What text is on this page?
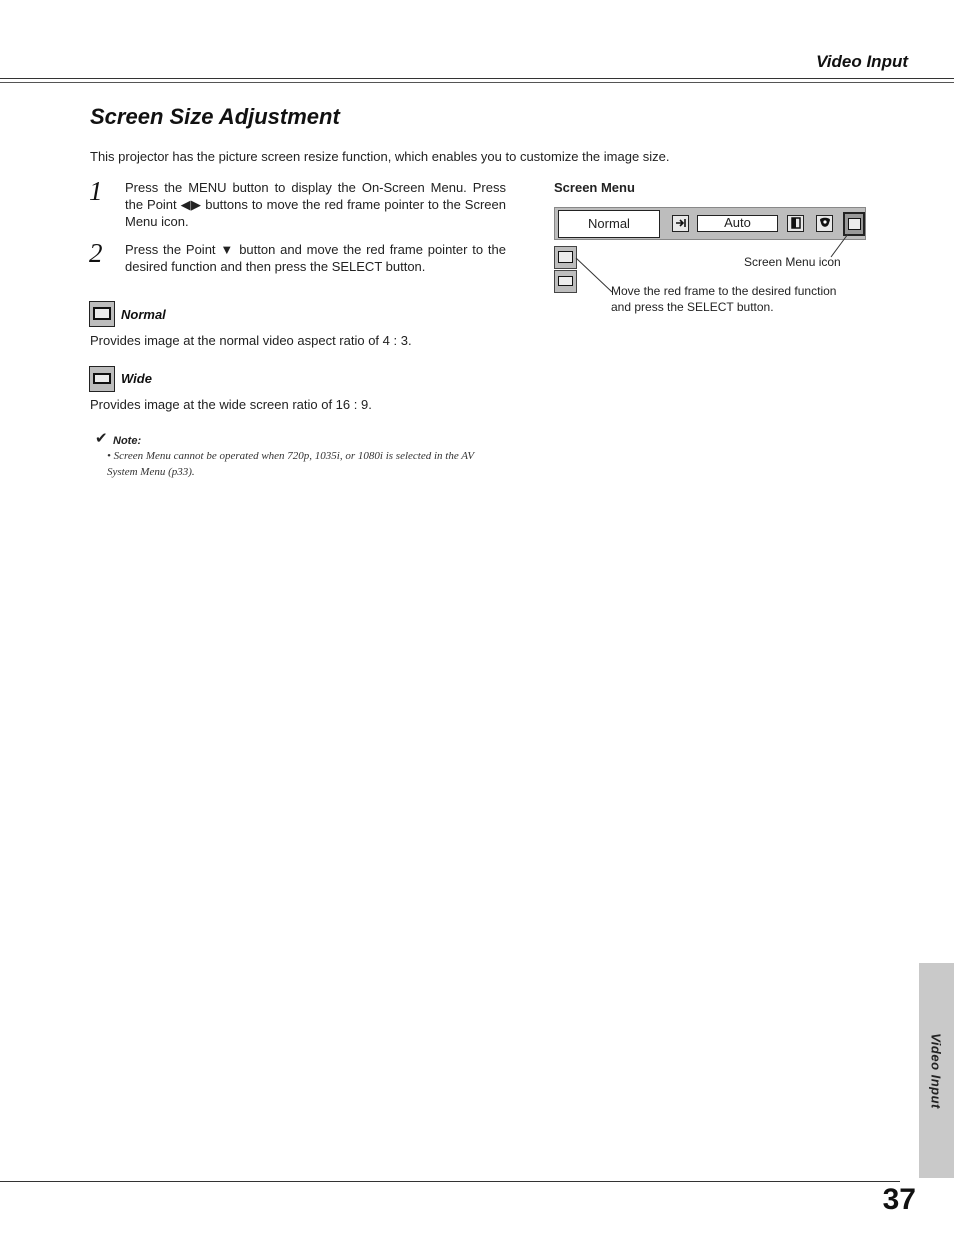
Video Input
Screen Size Adjustment
This projector has the picture screen resize function, which enables you to customize the image size.
1 Press the MENU button to display the On-Screen Menu. Press the Point ◀▶ buttons to move the red frame pointer to the Screen Menu icon.
2 Press the Point ▼ button and move the red frame pointer to the desired function and then press the SELECT button.
Normal
Provides image at the normal video aspect ratio of 4 : 3.
Wide
Provides image at the wide screen ratio of 16 : 9.
✔ Note:
• Screen Menu cannot be operated when 720p, 1035i, or 1080i is selected in the AV System Menu (p33).
Screen Menu
Normal	Auto
Screen Menu icon
Move the red frame to the desired function and press the SELECT button.
Video Input
37
